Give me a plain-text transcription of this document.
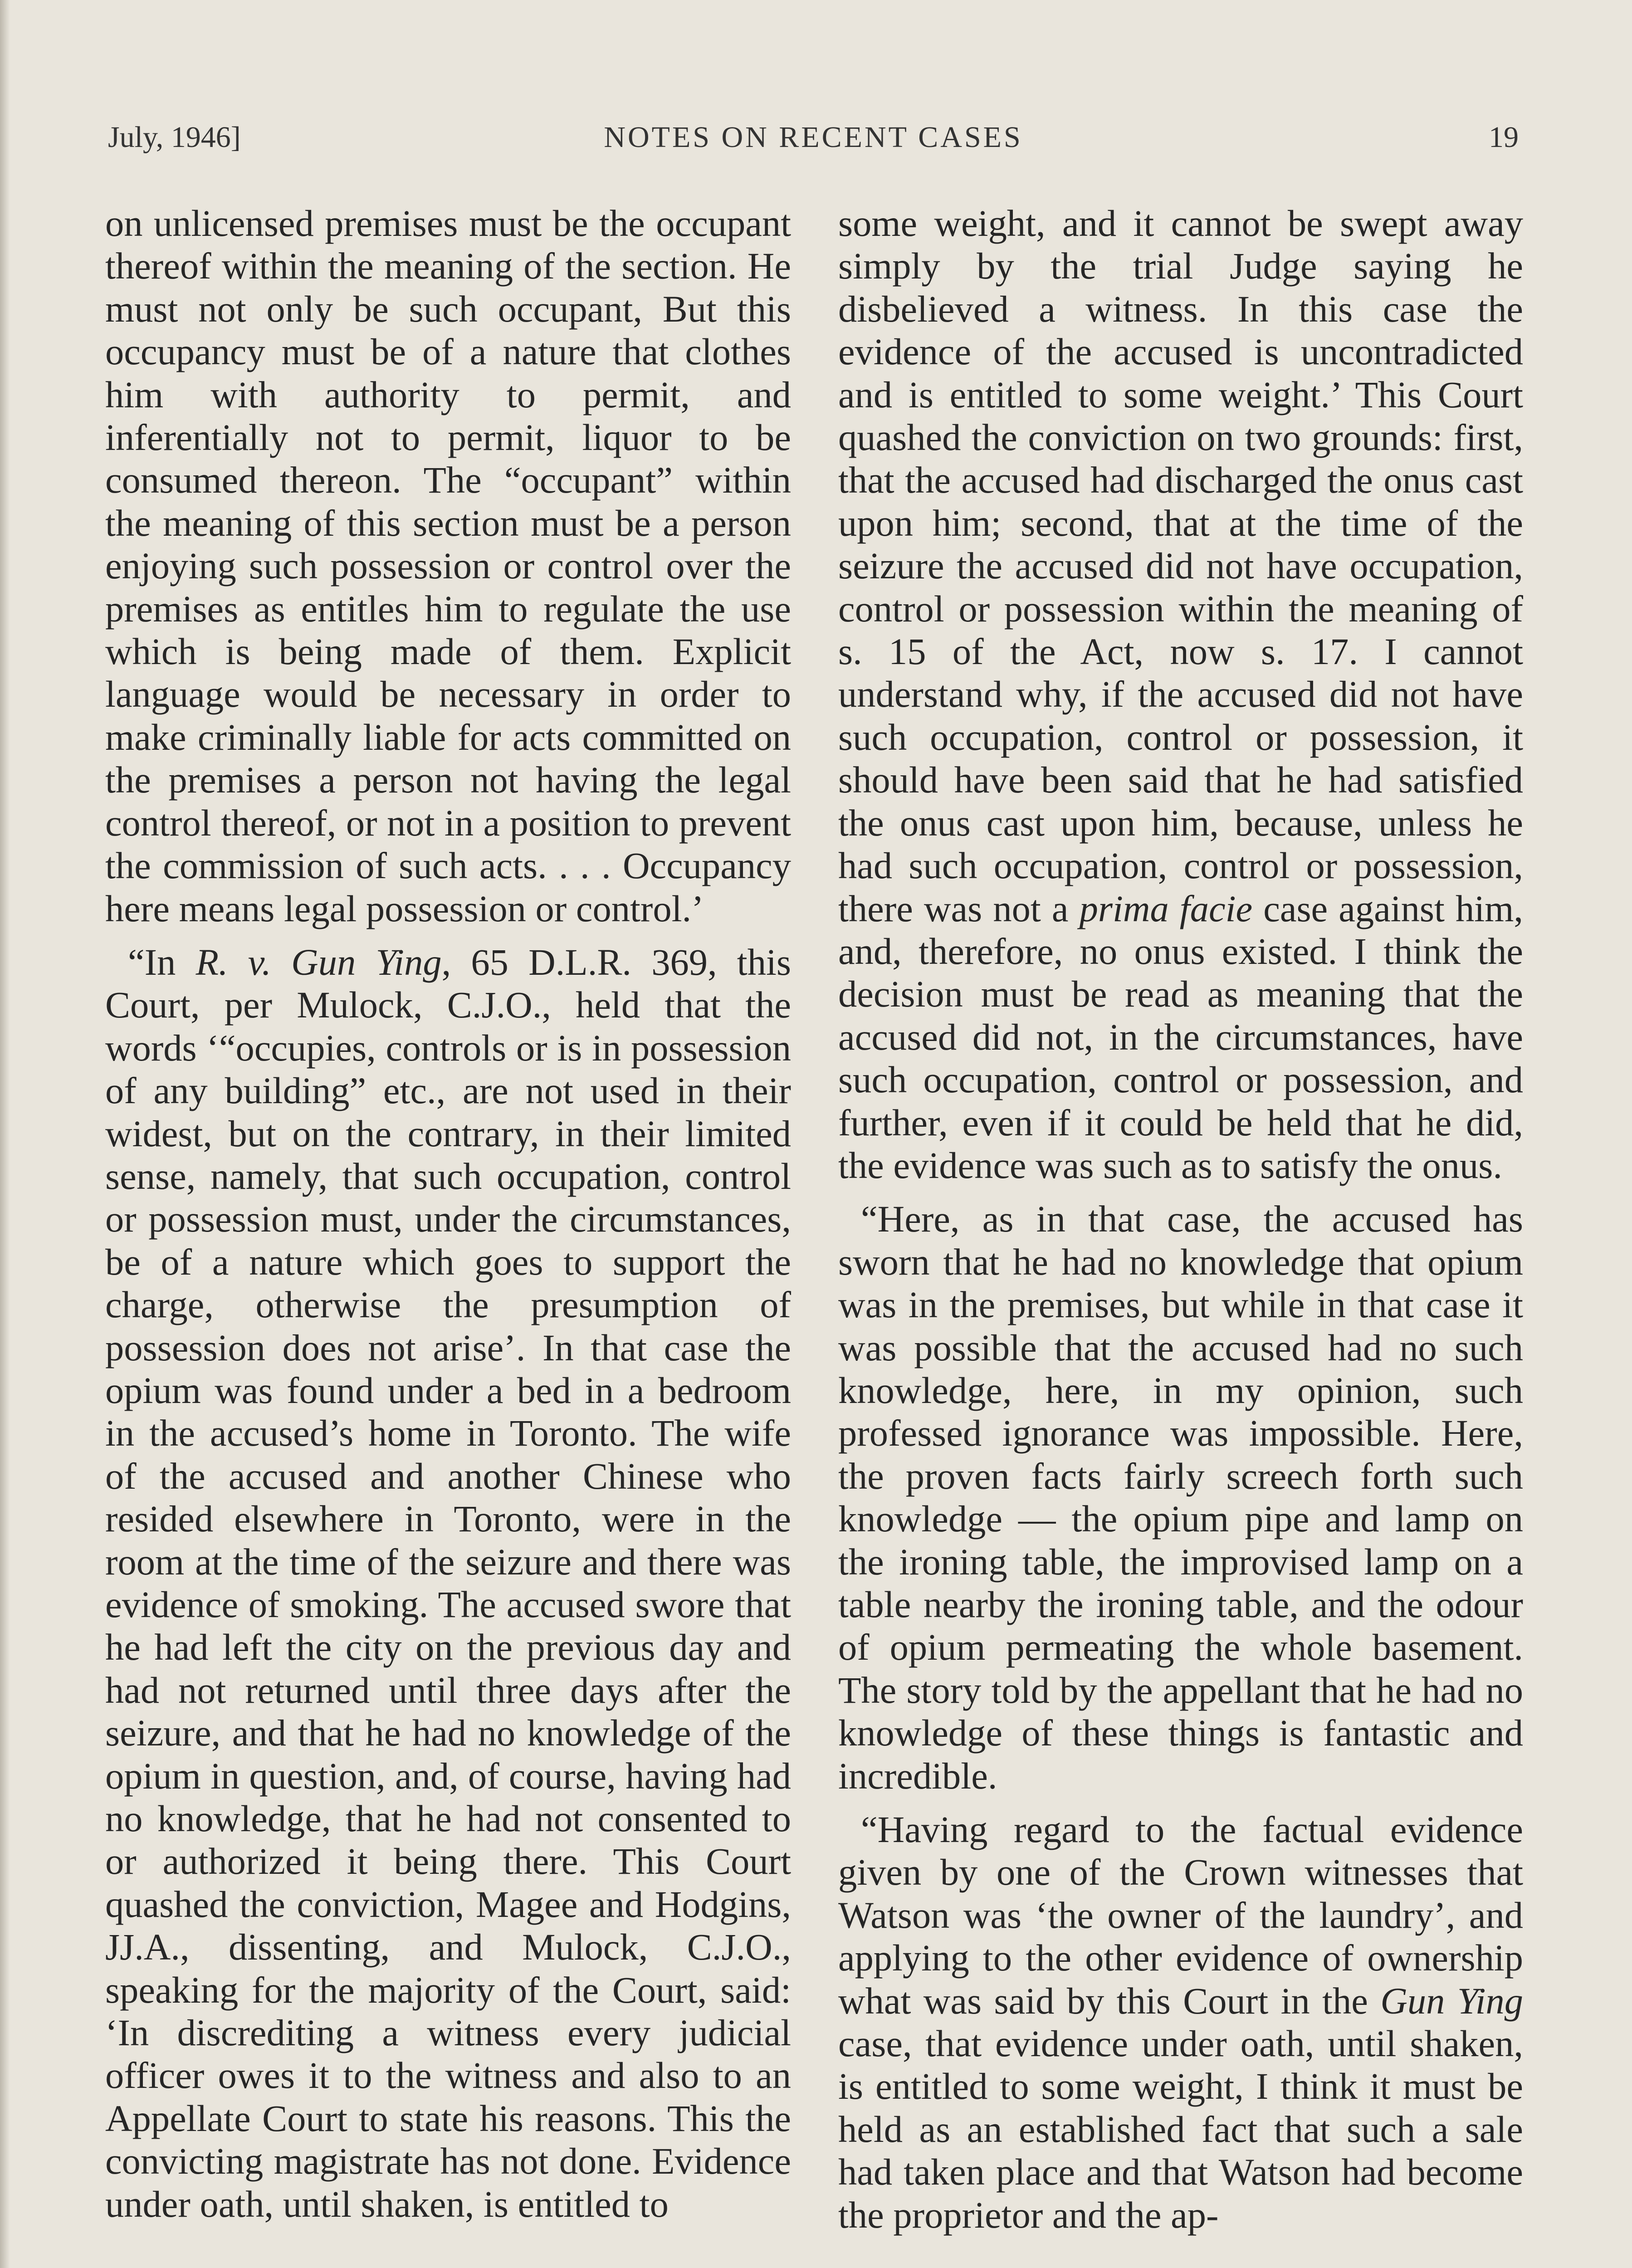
NOTES ON RECENT CASES
July, 1946]	19

on unlicensed premises must be the occupant thereof within the meaning of the section. He must not only be such occupant, But this occupancy must be of a nature that clothes him with authority to permit, and inferentially not to permit, liquor to be consumed thereon. The “occupant” within the meaning of this section must be a person enjoying such possession or control over the premises as entitles him to regulate the use which is being made of them. Explicit language would be necessary in order to make criminally liable for acts committed on the premises a person not having the legal control thereof, or not in a position to prevent the commission of such acts. . . . Occupancy here means legal possession or control.’

“In R. v. Gun Ying, 65 D.L.R. 369, this Court, per Mulock, C.J.O., held that the words ‘“occupies, controls or is in possession of any building” etc., are not used in their widest, but on the contrary, in their limited sense, namely, that such occupation, control or possession must, under the circumstances, be of a nature which goes to support the charge, otherwise the presumption of possession does not arise’. In that case the opium was found under a bed in a bedroom in the accused’s home in Toronto. The wife of the accused and another Chinese who resided elsewhere in Toronto, were in the room at the time of the seizure and there was evidence of smoking. The accused swore that he had left the city on the previous day and had not returned until three days after the seizure, and that he had no knowledge of the opium in question, and, of course, having had no knowledge, that he had not consented to or authorized it being there. This Court quashed the conviction, Magee and Hodgins, JJ.A., dissenting, and Mulock, C.J.O., speaking for the majority of the Court, said: ‘In discrediting a witness every judicial officer owes it to the witness and also to an Appellate Court to state his reasons. This the convicting magistrate has not done. Evidence under oath, until shaken, is entitled to

some weight, and it cannot be swept away simply by the trial Judge saying he disbelieved a witness. In this case the evidence of the accused is uncontradicted and is entitled to some weight.’ This Court quashed the conviction on two grounds: first, that the accused had discharged the onus cast upon him; second, that at the time of the seizure the accused did not have occupation, control or possession within the meaning of s. 15 of the Act, now s. 17. I cannot understand why, if the accused did not have such occupation, control or possession, it should have been said that he had satisfied the onus cast upon him, because, unless he had such occupation, control or possession, there was not a prima facie case against him, and, therefore, no onus existed. I think the decision must be read as meaning that the accused did not, in the circumstances, have such occupation, control or possession, and further, even if it could be held that he did, the evidence was such as to satisfy the onus.

“Here, as in that case, the accused has sworn that he had no knowledge that opium was in the premises, but while in that case it was possible that the accused had no such knowledge, here, in my opinion, such professed ignorance was impossible. Here, the proven facts fairly screech forth such knowledge — the opium pipe and lamp on the ironing table, the improvised lamp on a table nearby the ironing table, and the odour of opium permeating the whole basement. The story told by the appellant that he had no knowledge of these things is fantastic and incredible.

“Having regard to the factual evidence given by one of the Crown witnesses that Watson was ‘the owner of the laundry’, and applying to the other evidence of ownership what was said by this Court in the Gun Ying case, that evidence under oath, until shaken, is entitled to some weight, I think it must be held as an established fact that such a sale had taken place and that Watson had become the proprietor and the ap-
